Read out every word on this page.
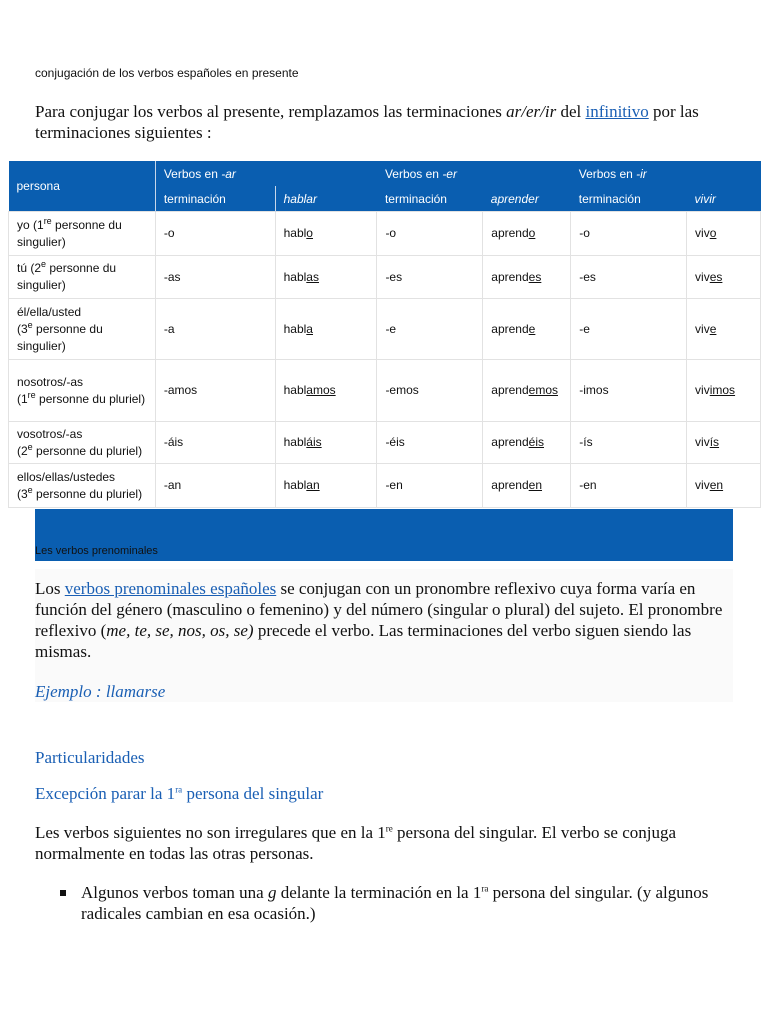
conjugación de los verbos españoles en presente
Para conjugar los verbos al presente, remplazamos las terminaciones ar/er/ir del infinitivo por las terminaciones siguientes :
persona	Verbos en -ar		Verbos en -er		Verbos en -ir	
	terminación	hablar	terminación	aprender	terminación	vivir
yo (1re personne du singulier)	-o	hablo	-o	aprendo	-o	vivo
tú (2e personne du singulier)	-as	hablas	-es	aprendes	-es	vives
él/ella/usted
(3e personne du singulier)	-a	habla	-e	aprende	-e	vive
nosotros/-as
(1re personne du pluriel)	-amos	hablamos	-emos	aprendemos	-imos	vivimos
vosotros/-as
(2e personne du pluriel)	-áis	habláis	-éis	aprendéis	-ís	vivís
ellos/ellas/ustedes
(3e personne du pluriel)	-an	hablan	-en	aprenden	-en	viven
Les verbos prenominales
Los verbos prenominales españoles se conjugan con un pronombre reflexivo cuya forma varía en función del género (masculino o femenino) y del número (singular o plural) del sujeto. El pronombre reflexivo (me, te, se, nos, os, se) precede el verbo. Las terminaciones del verbo siguen siendo las mismas.
Ejemplo : llamarse
Particularidades
Excepción parar la $1^{ra}$ persona del singular
Les verbos siguientes no son irregulares que en la 1re persona del singular. El verbo se conjuga normalmente en todas las otras personas.
Algunos verbos toman una g delante la terminación en la $1^{ra}$ persona del singular. (y algunos radicales cambian en esa ocasión.)
